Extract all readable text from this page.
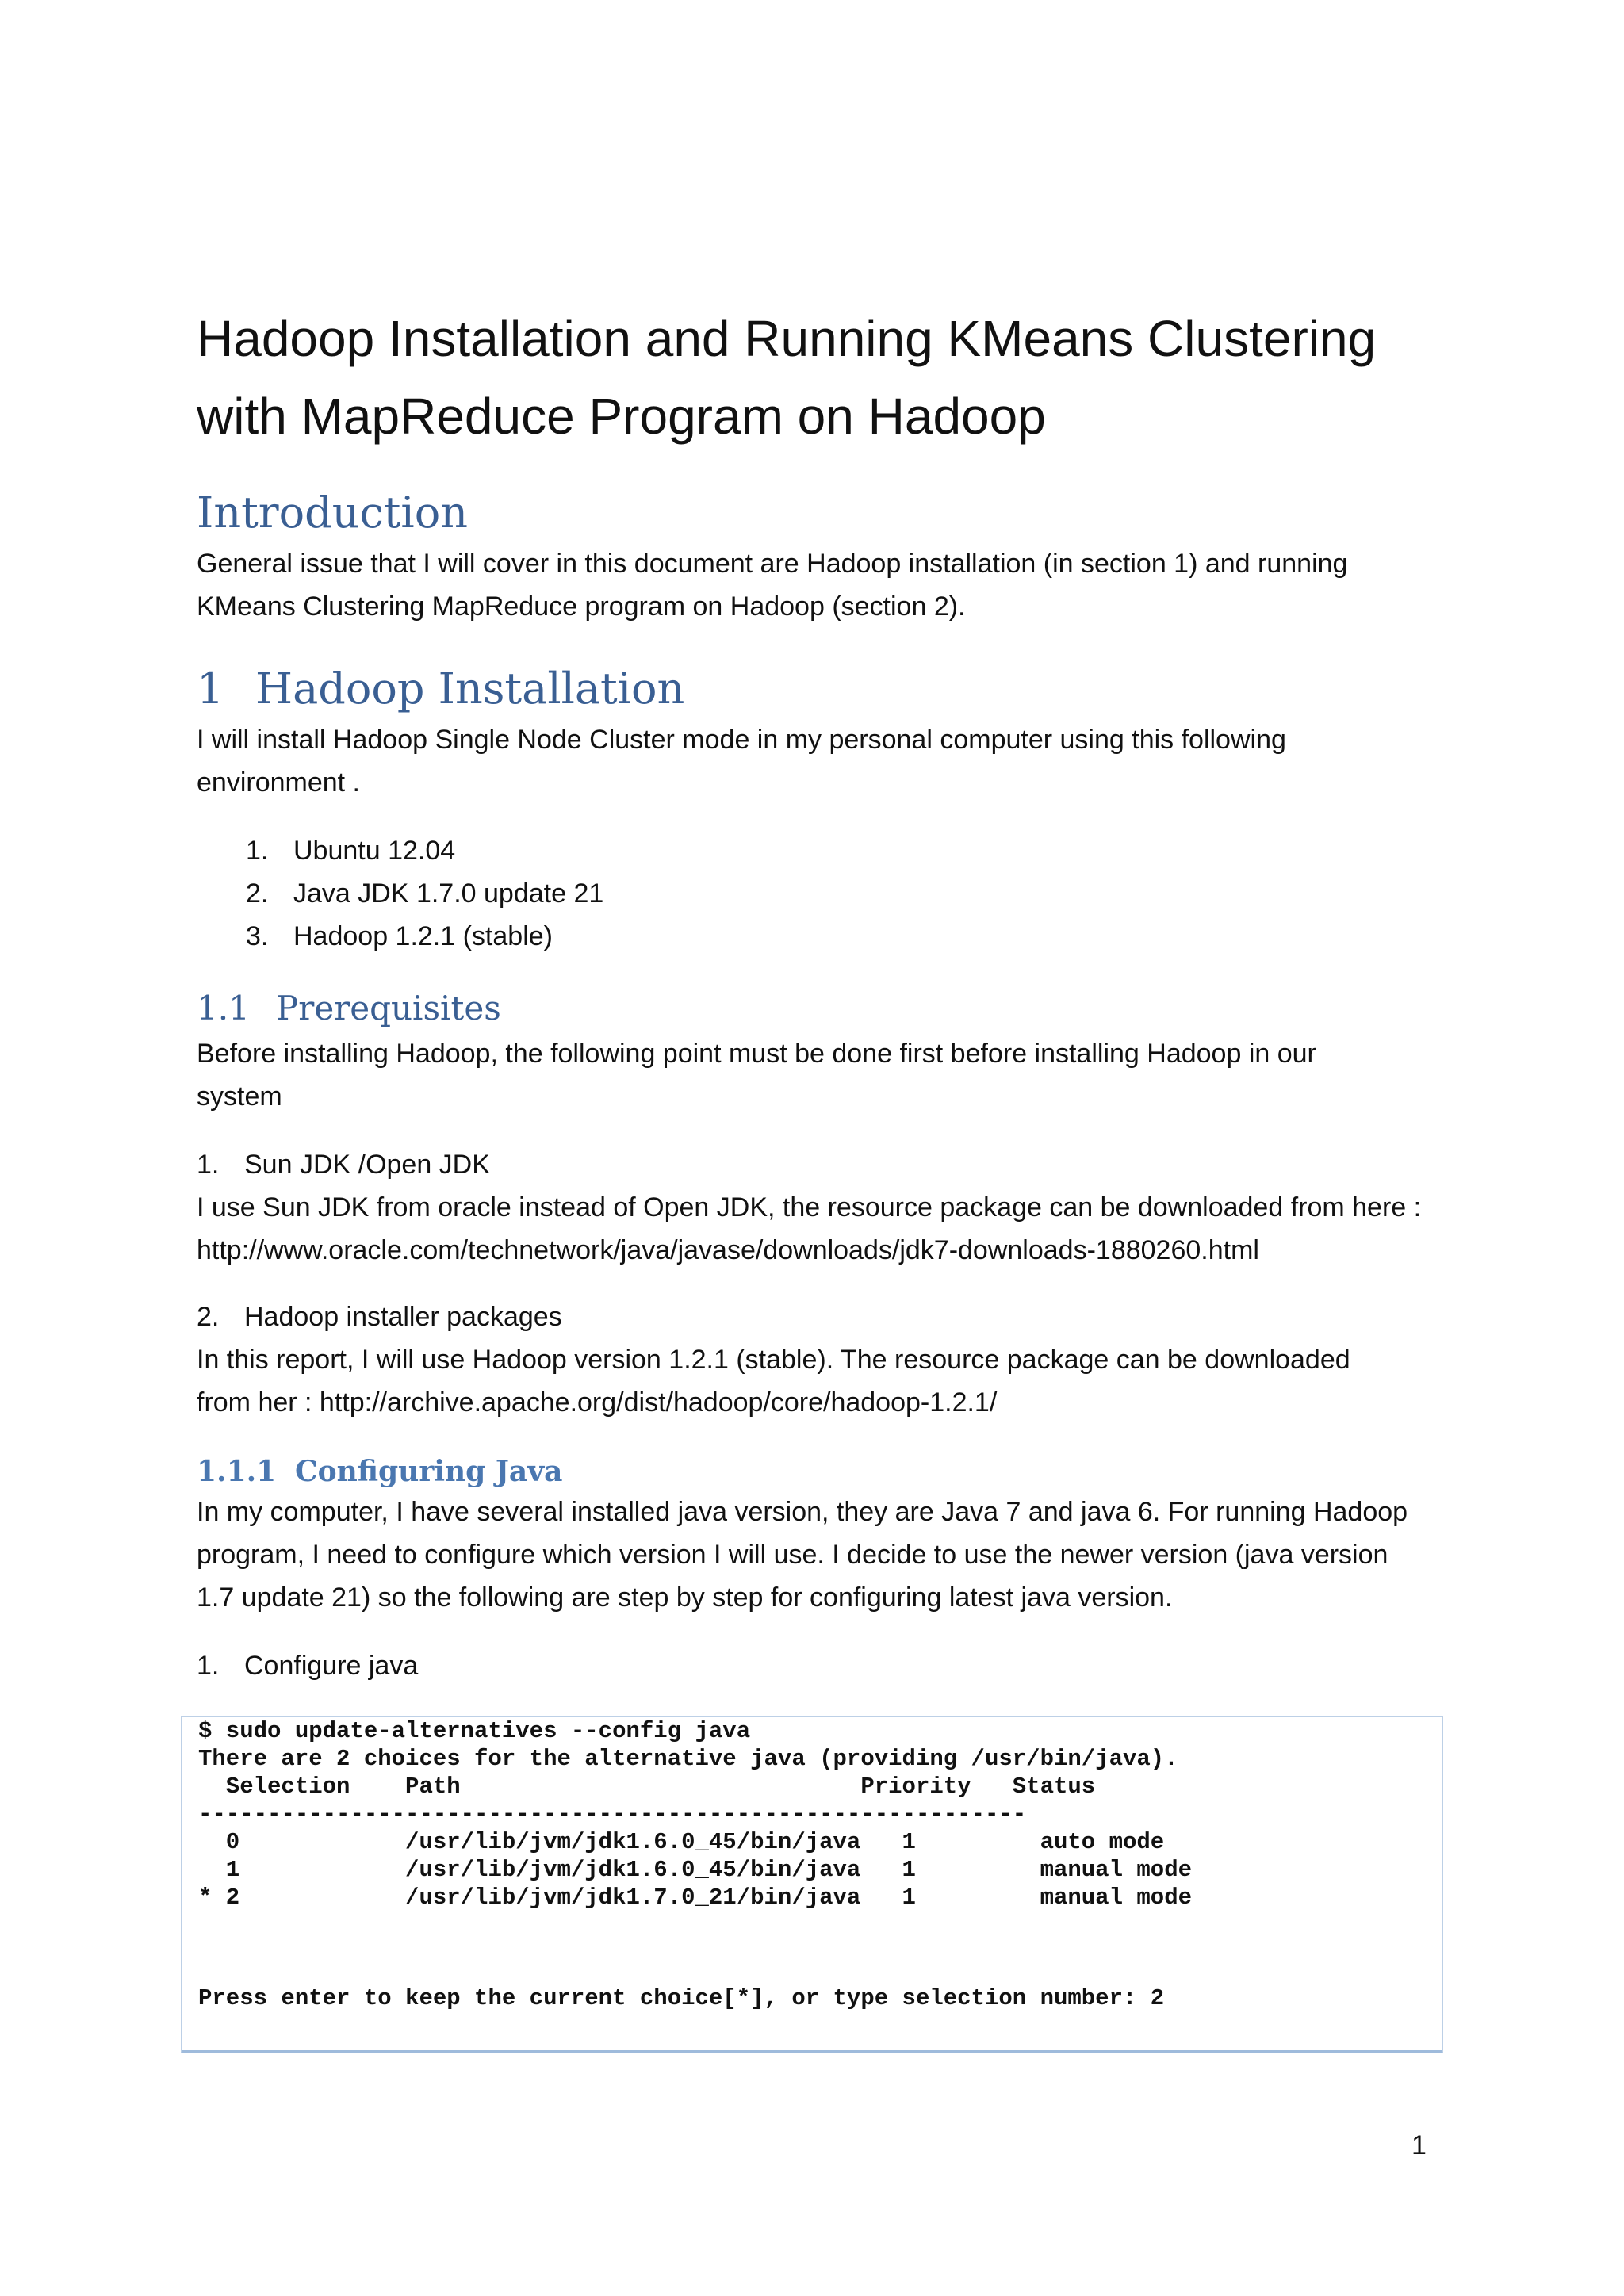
Hadoop Installation and Running KMeans Clustering
with MapReduce Program on Hadoop
Introduction
General issue that I will cover in this document are Hadoop installation (in section 1) and running
KMeans Clustering MapReduce program on Hadoop (section 2).
1 Hadoop Installation
I will install Hadoop Single Node Cluster mode in my personal computer using this following
environment .
1. Ubuntu 12.04
2. Java JDK 1.7.0 update 21
3. Hadoop 1.2.1 (stable)
1.1 Prerequisites
Before installing Hadoop, the following point must be done first before installing Hadoop in our
system
1. Sun JDK /Open JDK
I use Sun JDK from oracle instead of Open JDK, the resource package can be downloaded from here :
http://www.oracle.com/technetwork/java/javase/downloads/jdk7-downloads-1880260.html
2. Hadoop installer packages
In this report, I will use Hadoop version 1.2.1 (stable). The resource package can be downloaded
from her : http://archive.apache.org/dist/hadoop/core/hadoop-1.2.1/
1.1.1 Configuring Java
In my computer, I have several installed java version, they are Java 7 and java 6. For running Hadoop
program, I need to configure which version I will use. I decide to use the newer version (java version
1.7 update 21) so the following are step by step for configuring latest java version.
1. Configure java
$ sudo update-alternatives --config java
There are 2 choices for the alternative java (providing /usr/bin/java).
Selection    Path                             Priority   Status
------------------------------------------------------------
0            /usr/lib/jvm/jdk1.6.0_45/bin/java   1         auto mode
1            /usr/lib/jvm/jdk1.6.0_45/bin/java   1         manual mode
* 2            /usr/lib/jvm/jdk1.7.0_21/bin/java   1         manual mode
Press enter to keep the current choice[*], or type selection number: 2
1
